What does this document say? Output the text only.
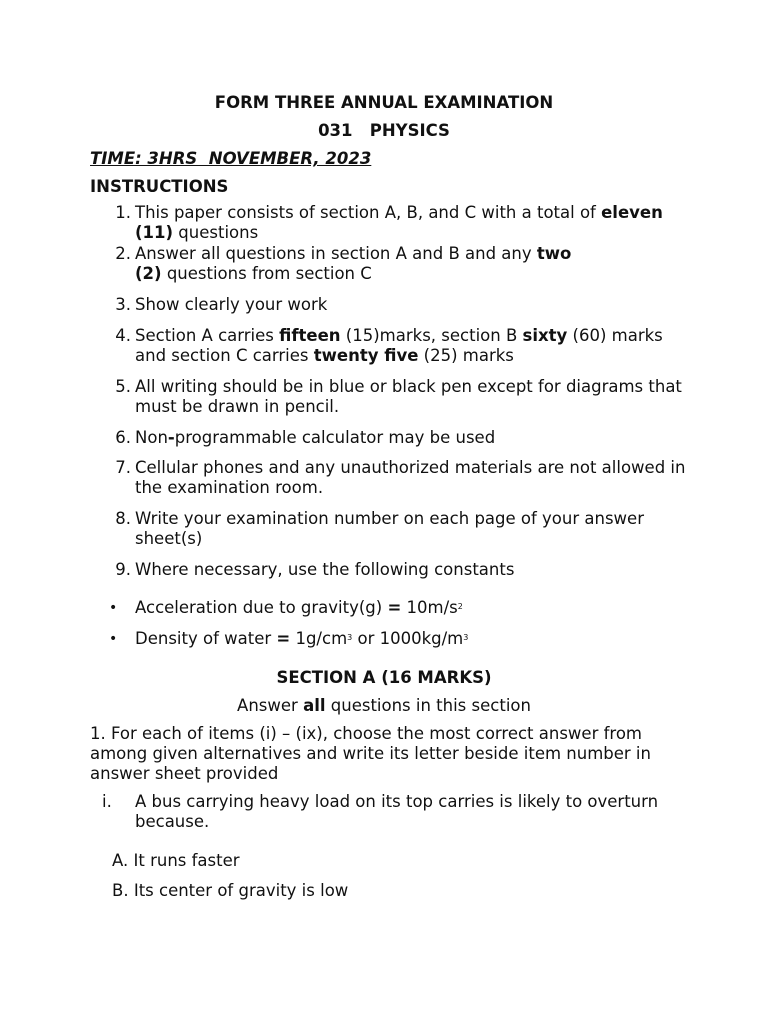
FORM THREE ANNUAL EXAMINATION
031   PHYSICS
TIME: 3HRS  NOVEMBER, 2023
INSTRUCTIONS
1. This paper consists of section A, B, and C with a total of eleven (11) questions
2. Answer all questions in section A and B and any two
(2) questions from section C
3. Show clearly your work
4. Section A carries fifteen (15)marks, section B sixty (60) marks and section C carries twenty five (25) marks
5. All writing should be in blue or black pen except for diagrams that must be drawn in pencil.
6. Non-programmable calculator may be used
7. Cellular phones and any unauthorized materials are not allowed in the examination room.
8. Write your examination number on each page of your answer sheet(s)
9. Where necessary, use the following constants
• Acceleration due to gravity(g) = $10m/s^2$
• Density of water = $1g/cm^3$ or $1000kg/m^3$
SECTION A (16 MARKS)
Answer all questions in this section
1. For each of items (i) – (ix), choose the most correct answer from among given alternatives and write its letter beside item number in answer sheet provided
i. A bus carrying heavy load on its top carries is likely to overturn because.
A. It runs faster
B. Its center of gravity is low
